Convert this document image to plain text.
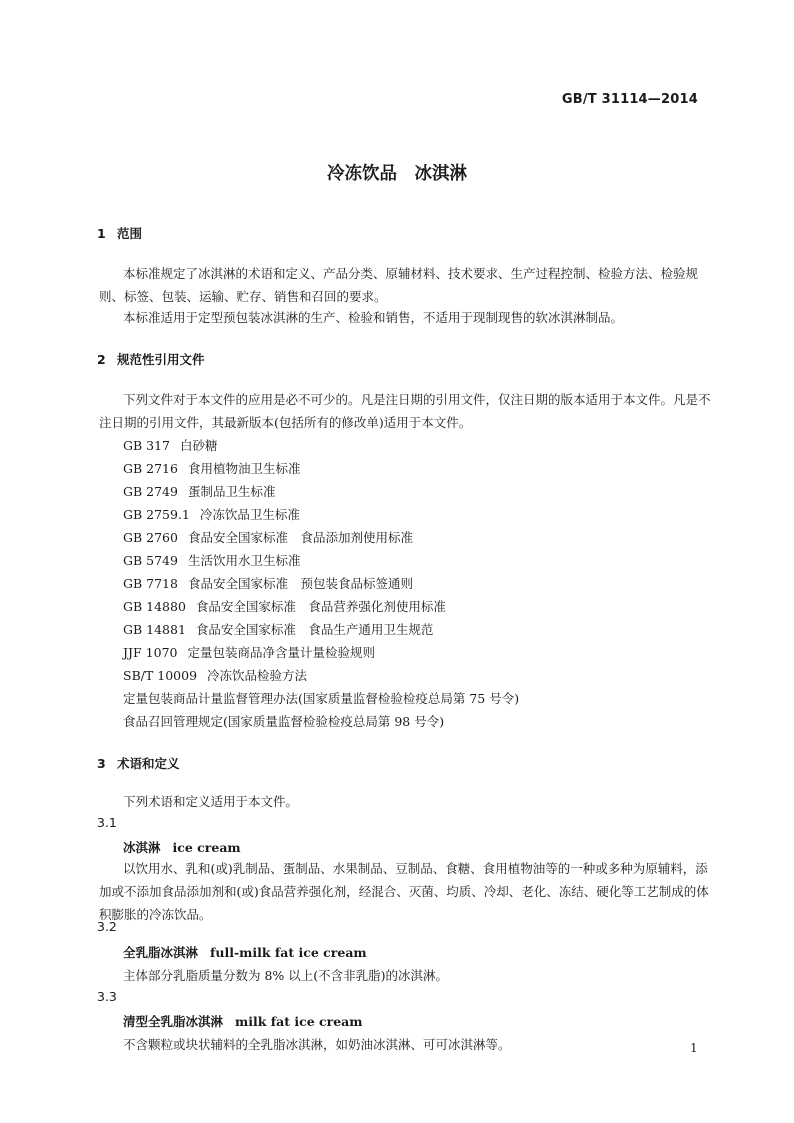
GB/T 31114—2014
冷冻饮品　冰淇淋
1 范围
本标准规定了冰淇淋的术语和定义、产品分类、原辅材料、技术要求、生产过程控制、检验方法、检验规则、标签、包装、运输、贮存、销售和召回的要求。
本标准适用于定型预包装冰淇淋的生产、检验和销售，不适用于现制现售的软冰淇淋制品。
2 规范性引用文件
下列文件对于本文件的应用是必不可少的。凡是注日期的引用文件，仅注日期的版本适用于本文件。凡是不注日期的引用文件，其最新版本(包括所有的修改单)适用于本文件。
GB 317 白砂糖
GB 2716 食用植物油卫生标准
GB 2749 蛋制品卫生标准
GB 2759.1 冷冻饮品卫生标准
GB 2760 食品安全国家标准　食品添加剂使用标准
GB 5749 生活饮用水卫生标准
GB 7718 食品安全国家标准　预包装食品标签通则
GB 14880 食品安全国家标准　食品营养强化剂使用标准
GB 14881 食品安全国家标准　食品生产通用卫生规范
JJF 1070 定量包装商品净含量计量检验规则
SB/T 10009 冷冻饮品检验方法
定量包装商品计量监督管理办法(国家质量监督检验检疫总局第 75 号令)
食品召回管理规定(国家质量监督检验检疫总局第 98 号令)
3 术语和定义
下列术语和定义适用于本文件。
3.1
冰淇淋 ice cream
以饮用水、乳和(或)乳制品、蛋制品、水果制品、豆制品、食糖、食用植物油等的一种或多种为原辅料，添加或不添加食品添加剂和(或)食品营养强化剂，经混合、灭菌、均质、冷却、老化、冻结、硬化等工艺制成的体积膨胀的冷冻饮品。
3.2
全乳脂冰淇淋 full-milk fat ice cream
主体部分乳脂质量分数为 8% 以上(不含非乳脂)的冰淇淋。
3.3
清型全乳脂冰淇淋 milk fat ice cream
不含颗粒或块状辅料的全乳脂冰淇淋，如奶油冰淇淋、可可冰淇淋等。	1
